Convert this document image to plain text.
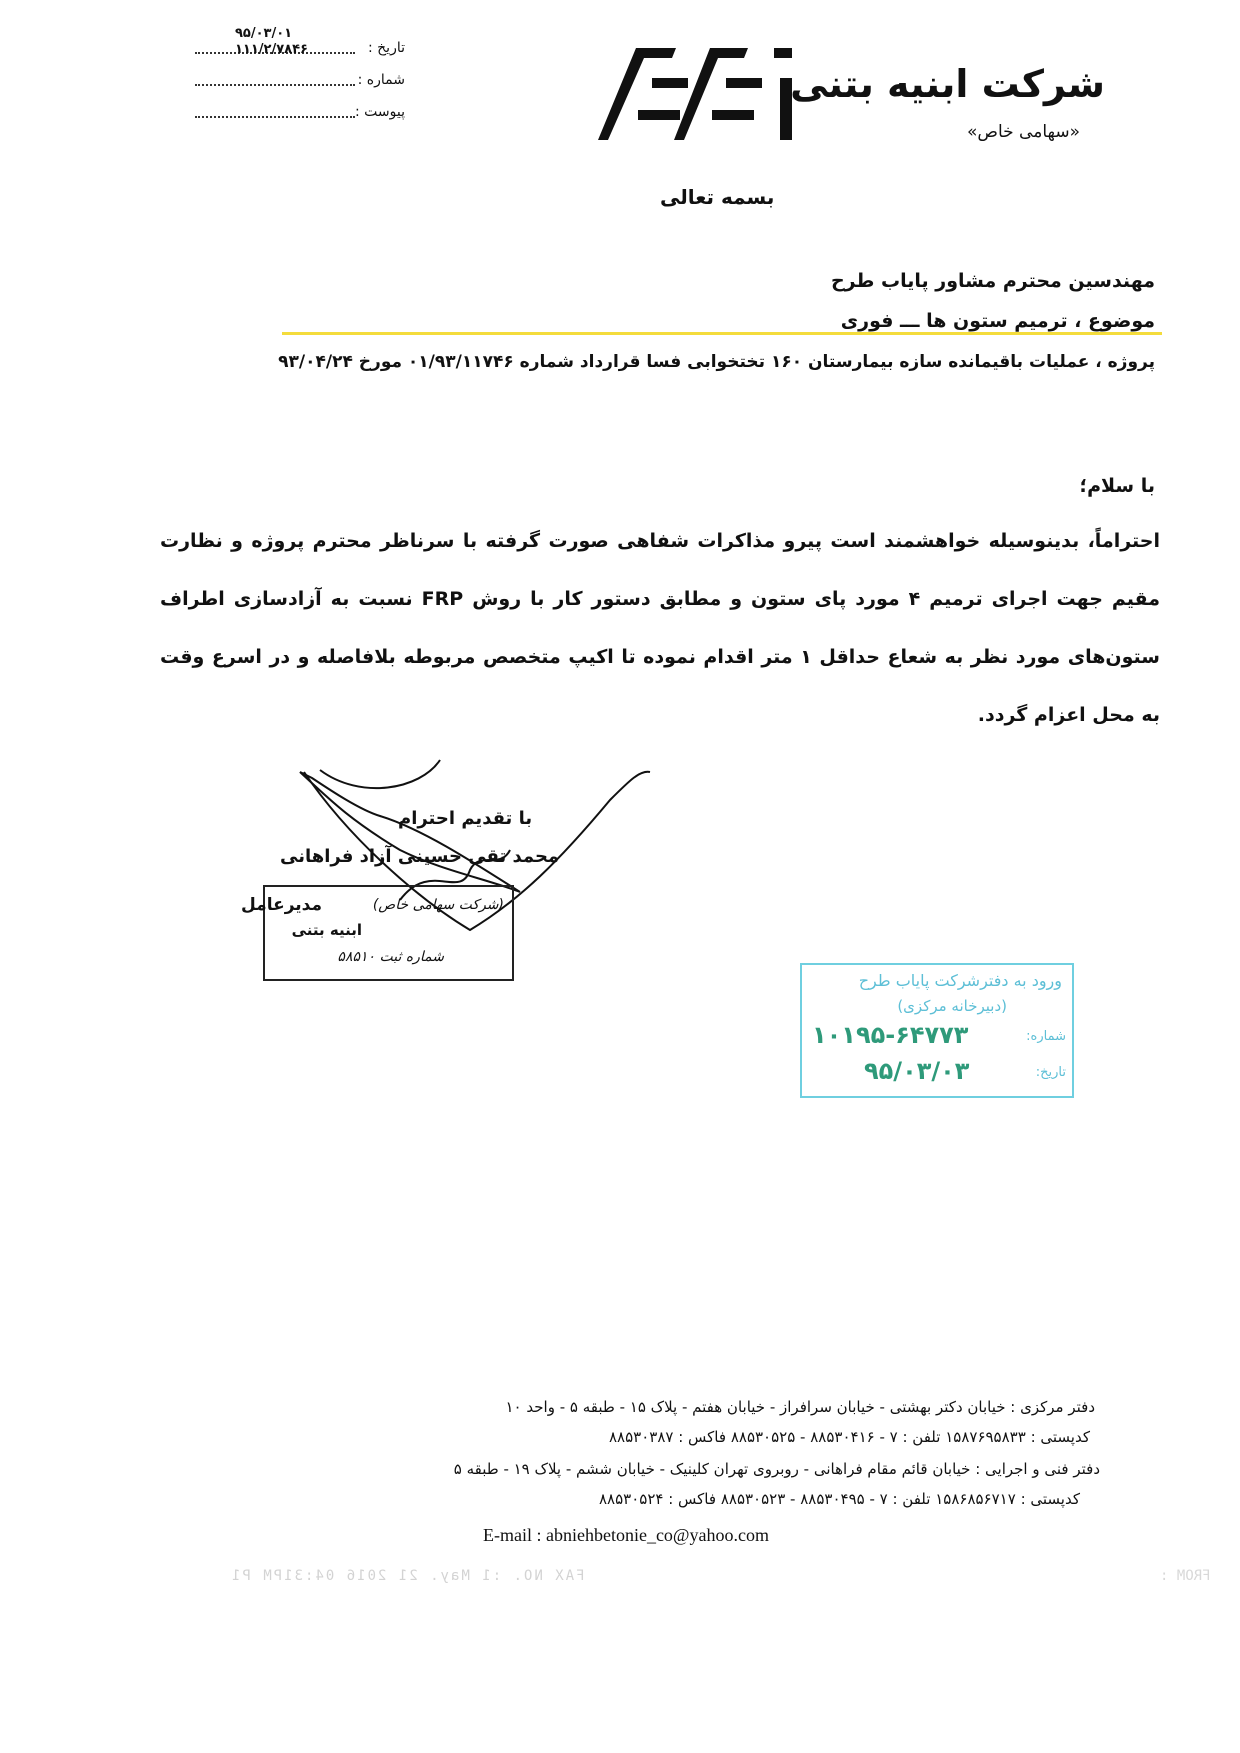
تاریخ :
۹۵/۰۳/۰۱
شماره :
۱۱۱/۲/۷۸۴۶
پیوست :
شرکت ابنیه بتنی
«سهامی خاص»
بسمه تعالی
مهندسین محترم مشاور پایاب طرح
موضوع ، ترمیم ستون ها ـــ فوری
پروژه ، عملیات باقیمانده سازه بیمارستان ۱۶۰ تختخوابی فسا قرارداد شماره ۰۱/۹۳/۱۱۷۴۶ مورخ ۹۳/۰۴/۲۴
با سلام؛
احتراماً، بدینوسیله خواهشمند است پیرو مذاکرات شفاهی صورت گرفته با سرناظر محترم پروژه و نظارت مقیم جهت اجرای ترمیم ۴ مورد پای ستون و مطابق دستور کار با روش FRP نسبت به آزادسازی اطراف ستون‌های مورد نظر به شعاع حداقل ۱ متر اقدام نموده تا اکیپ متخصص مربوطه بلافاصله و در اسرع وقت به محل اعزام گردد.
با تقدیم احترام
محمد تقی حسینی آزاد فراهانی
(شرکت سهامی خاص)
ابنیه بتنی
مدیرعامل
شماره ثبت ۵۸۵۱۰
ورود به دفترشرکت پایاب طرح
(دبیرخانه مرکزی)
شماره:
۱۰۱۹۵-۶۴۷۷۳
تاریخ:
۹۵/۰۳/۰۳
دفتر مرکزی : خیابان دکتر بهشتی - خیابان سرافراز - خیابان هفتم - پلاک ۱۵ - طبقه ۵ - واحد ۱۰
کدپستی : ۱۵۸۷۶۹۵۸۳۳ تلفن : ۷ - ۸۸۵۳۰۴۱۶ - ۸۸۵۳۰۵۲۵ فاکس : ۸۸۵۳۰۳۸۷
دفتر فنی و اجرایی : خیابان قائم مقام فراهانی - روبروی تهران کلینیک - خیابان ششم - پلاک ۱۹ - طبقه ۵
کدپستی : ۱۵۸۶۸۵۶۷۱۷ تلفن : ۷ - ۸۸۵۳۰۴۹۵ - ۸۸۵۳۰۵۲۳ فاکس : ۸۸۵۳۰۵۲۴
E-mail : abniehbetonie_co@yahoo.com
FAX NO. :1 May. 21 2016 04:31PM P1	FROM :
